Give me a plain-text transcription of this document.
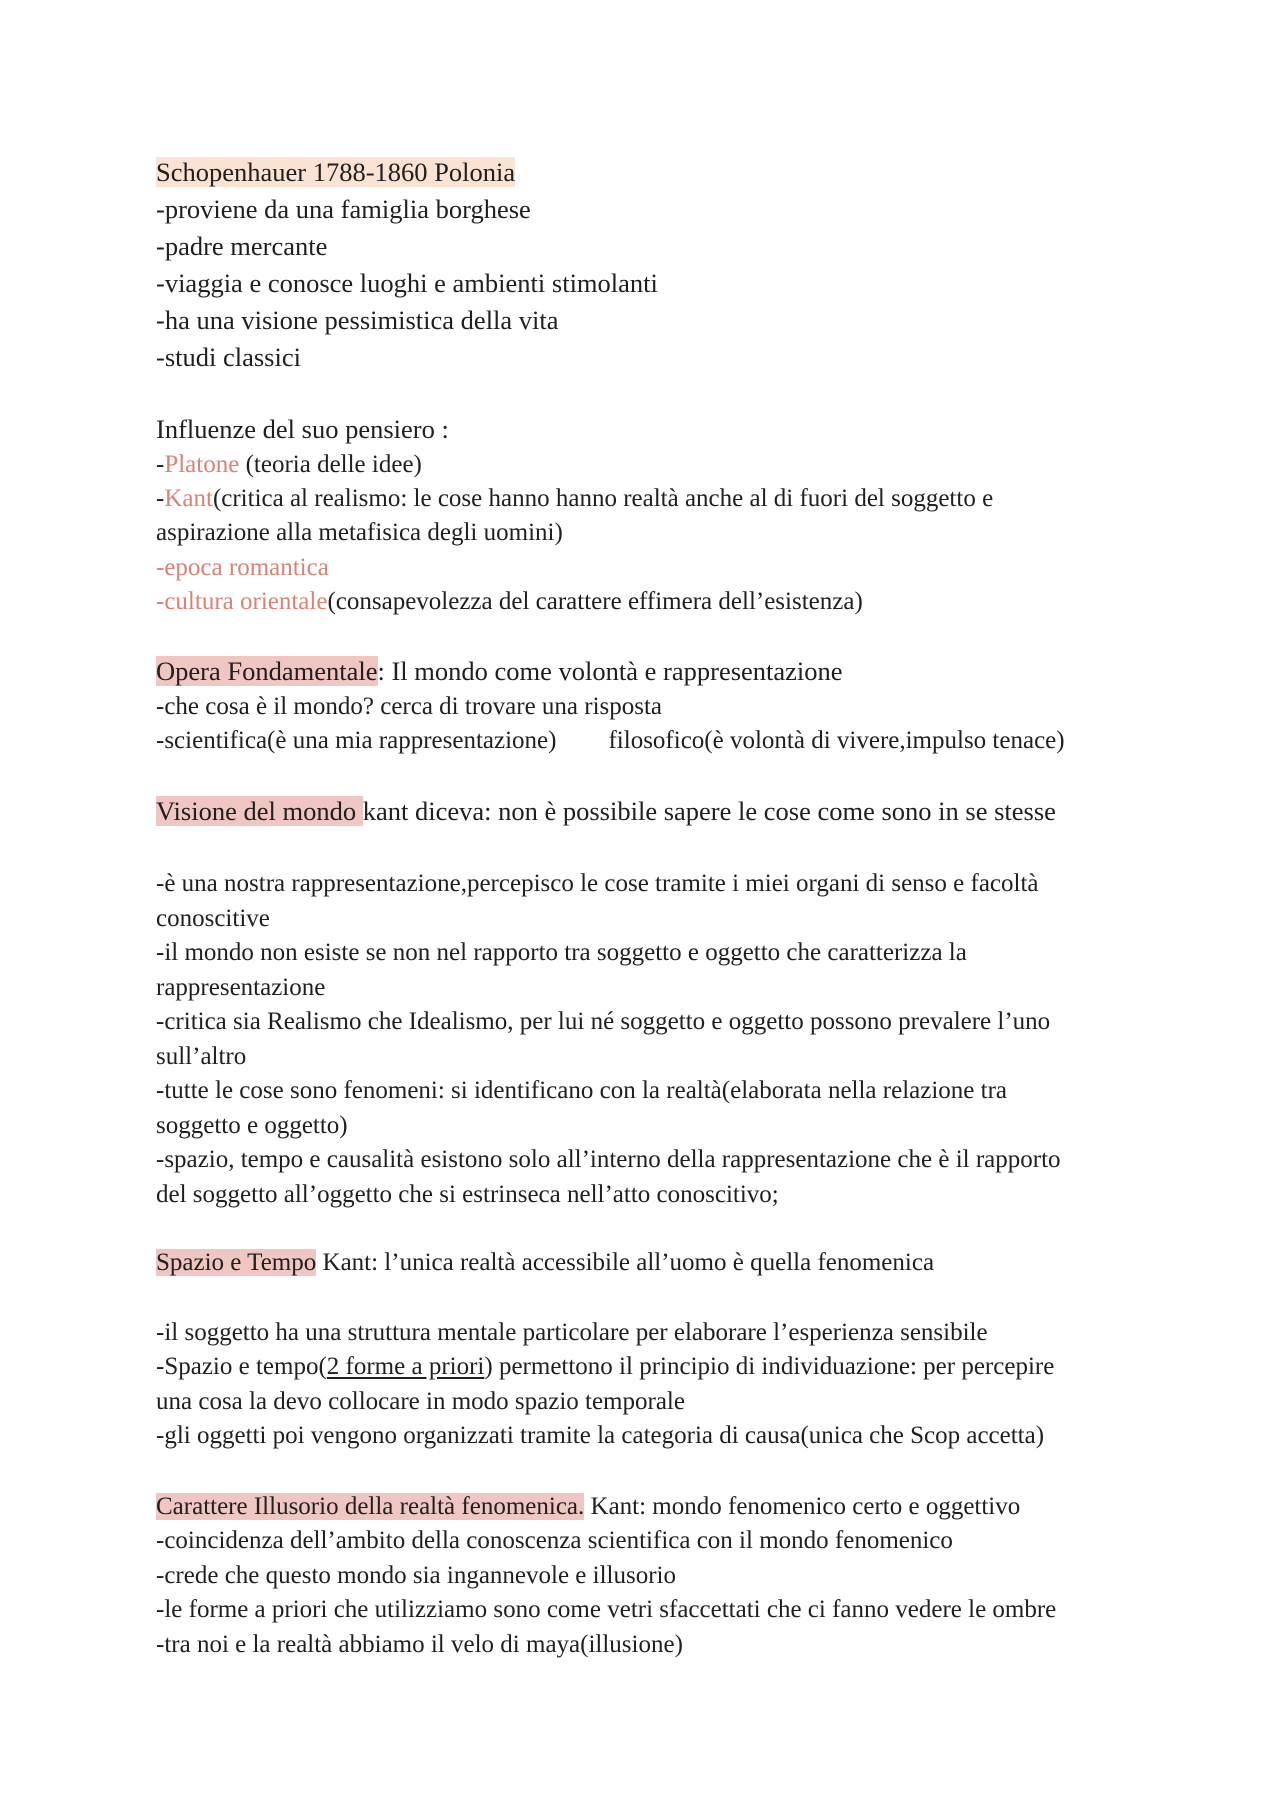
Schopenhauer 1788-1860 Polonia
-proviene da una famiglia borghese
-padre mercante
-viaggia e conosce luoghi e ambienti stimolanti
-ha una visione pessimistica della vita
-studi classici
Influenze del suo pensiero :
-Platone (teoria delle idee)
-Kant(critica al realismo: le cose hanno hanno realtà anche al di fuori del soggetto e
aspirazione alla metafisica degli uomini)
-epoca romantica
-cultura orientale(consapevolezza del carattere effimera dell’esistenza)
Opera Fondamentale: Il mondo come volontà e rappresentazione
-che cosa è il mondo? cerca di trovare una risposta
-scientifica(è una mia rappresentazione) filosofico(è volontà di vivere,impulso tenace)
Visione del mondo kant diceva: non è possibile sapere le cose come sono in se stesse
-è una nostra rappresentazione,percepisco le cose tramite i miei organi di senso e facoltà
conoscitive
-il mondo non esiste se non nel rapporto tra soggetto e oggetto che caratterizza la
rappresentazione
-critica sia Realismo che Idealismo, per lui né soggetto e oggetto possono prevalere l’uno
sull’altro
-tutte le cose sono fenomeni: si identificano con la realtà(elaborata nella relazione tra
soggetto e oggetto)
-spazio, tempo e causalità esistono solo all’interno della rappresentazione che è il rapporto
del soggetto all’oggetto che si estrinseca nell’atto conoscitivo;
Spazio e Tempo Kant: l’unica realtà accessibile all’uomo è quella fenomenica
-il soggetto ha una struttura mentale particolare per elaborare l’esperienza sensibile
-Spazio e tempo(2 forme a priori) permettono il principio di individuazione: per percepire
una cosa la devo collocare in modo spazio temporale
-gli oggetti poi vengono organizzati tramite la categoria di causa(unica che Scop accetta)
Carattere Illusorio della realtà fenomenica. Kant: mondo fenomenico certo e oggettivo
-coincidenza dell’ambito della conoscenza scientifica con il mondo fenomenico
-crede che questo mondo sia ingannevole e illusorio
-le forme a priori che utilizziamo sono come vetri sfaccettati che ci fanno vedere le ombre
-tra noi e la realtà abbiamo il velo di maya(illusione)
